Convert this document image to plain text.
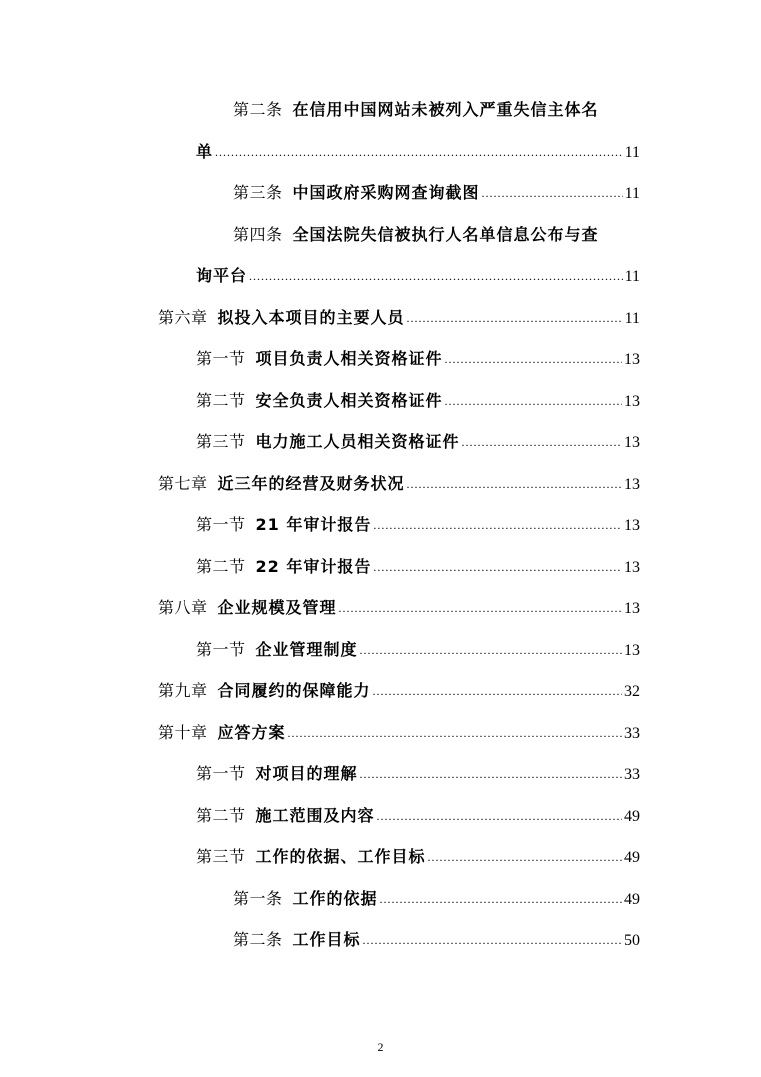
第二条 在信用中国网站未被列入严重失信主体名
单 .....	11
第三条 中国政府采购网查询截图 .....	11
第四条 全国法院失信被执行人名单信息公布与查
询平台 .....	11
第六章 拟投入本项目的主要人员 .....	11
第一节 项目负责人相关资格证件 .....	13
第二节 安全负责人相关资格证件 .....	13
第三节 电力施工人员相关资格证件 .....	13
第七章 近三年的经营及财务状况 .....	13
第一节 21 年审计报告 .....	13
第二节 22 年审计报告 .....	13
第八章 企业规模及管理 .....	13
第一节 企业管理制度 .....	13
第九章 合同履约的保障能力 .....	32
第十章 应答方案 .....	33
第一节 对项目的理解 .....	33
第二节 施工范围及内容 .....	49
第三节 工作的依据、工作目标 .....	49
第一条 工作的依据 .....	49
第二条 工作目标 .....	50
2
